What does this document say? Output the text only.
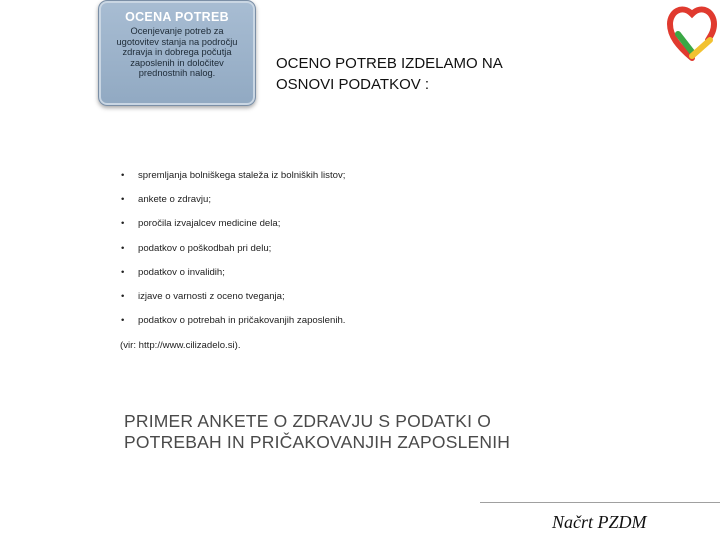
OCENA POTREB
Ocenjevanje potreb za ugotovitev stanja na področju zdravja in dobrega počutja zaposlenih in določitev prednostnih nalog.
OCENO POTREB IZDELAMO NA OSNOVI PODATKOV :
• spremljanja bolniškega staleža iz bolniških listov;
• ankete o zdravju;
• poročila izvajalcev medicine dela;
• podatkov o poškodbah pri delu;
• podatkov o invalidih;
• izjave o varnosti z oceno tveganja;
• podatkov o potrebah in pričakovanjih zaposlenih.
(vir: http://www.cilizadelo.si).
PRIMER ANKETE O ZDRAVJU S PODATKI O POTREBAH IN PRIČAKOVANJIH ZAPOSLENIH
Načrt PZDM
